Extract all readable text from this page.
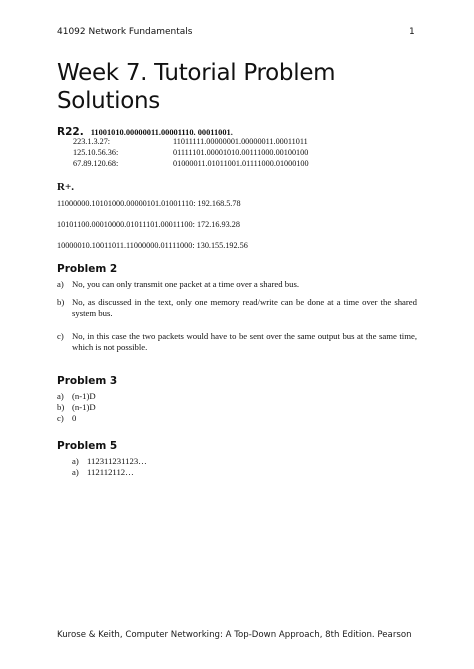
41092 Network Fundamentals	1
Week 7. Tutorial Problem Solutions
R22. 11001010.00000011.00001110. 00011001.
223.1.3.27:	11011111.00000001.00000011.00011011
125.10.56.36:	01111101.00001010.00111000.00100100
67.89.120.68:	01000011.01011001.01111000.01000100
R+.
11000000.10101000.00000101.01001110: 192.168.5.78
10101100.00010000.01011101.00011100: 172.16.93.28
10000010.10011011.11000000.01111000: 130.155.192.56
Problem 2
a) No, you can only transmit one packet at a time over a shared bus.
b) No, as discussed in the text, only one memory read/write can be done at a time over the shared system bus.
c) No, in this case the two packets would have to be sent over the same output bus at the same time, which is not possible.
Problem 3
a) (n-1)D
b) (n-1)D
c) 0
Problem 5
a) 112311231123…
a) 112112112…
Kurose & Keith, Computer Networking: A Top-Down Approach, 8th Edition. Pearson
